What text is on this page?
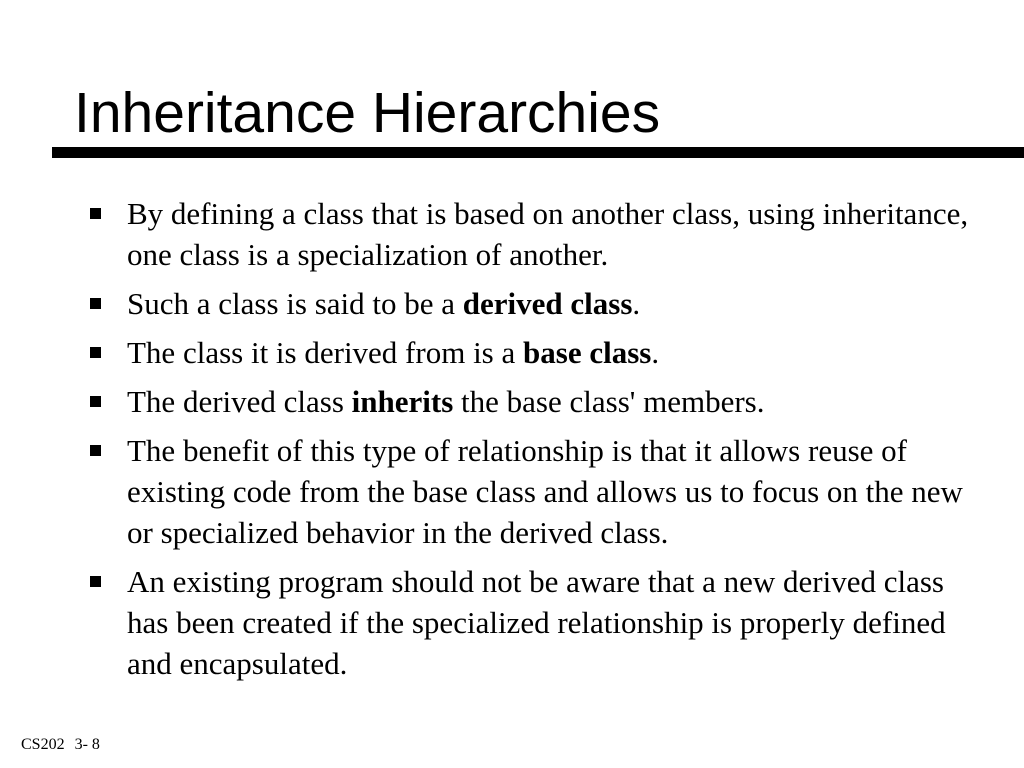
Inheritance Hierarchies
By defining a class that is based on another class, using inheritance, one class is a specialization of another.
Such a class is said to be a derived class.
The class it is derived from is a base class.
The derived class inherits the base class' members.
The benefit of this type of relationship is that it allows reuse of existing code from the base class and allows us to focus on the new or specialized behavior in the derived class.
An existing program should not be aware that a new derived class has been created if the specialized relationship is properly defined and encapsulated.
CS202 3- 8
